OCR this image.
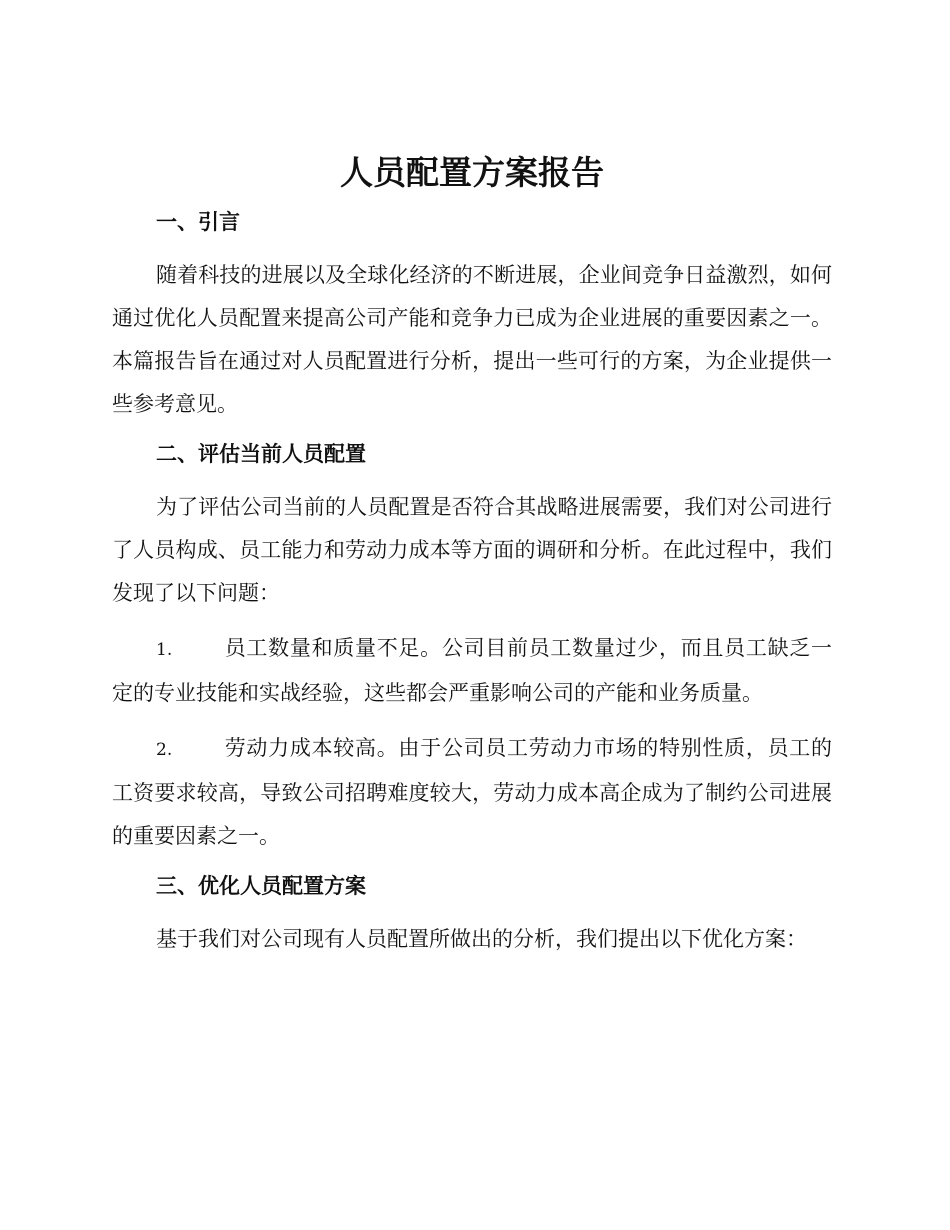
人员配置方案报告
一、引言

随着科技的进展以及全球化经济的不断进展，企业间竞争日益激烈，如何通过优化人员配置来提高公司产能和竞争力已成为企业进展的重要因素之一。本篇报告旨在通过对人员配置进行分析，提出一些可行的方案，为企业提供一些参考意见。

二、评估当前人员配置

为了评估公司当前的人员配置是否符合其战略进展需要，我们对公司进行了人员构成、员工能力和劳动力成本等方面的调研和分析。在此过程中，我们发现了以下问题：

1. 员工数量和质量不足。公司目前员工数量过少，而且员工缺乏一定的专业技能和实战经验，这些都会严重影响公司的产能和业务质量。

2. 劳动力成本较高。由于公司员工劳动力市场的特别性质，员工的工资要求较高，导致公司招聘难度较大，劳动力成本高企成为了制约公司进展的重要因素之一。

三、优化人员配置方案

基于我们对公司现有人员配置所做出的分析，我们提出以下优化方案：
